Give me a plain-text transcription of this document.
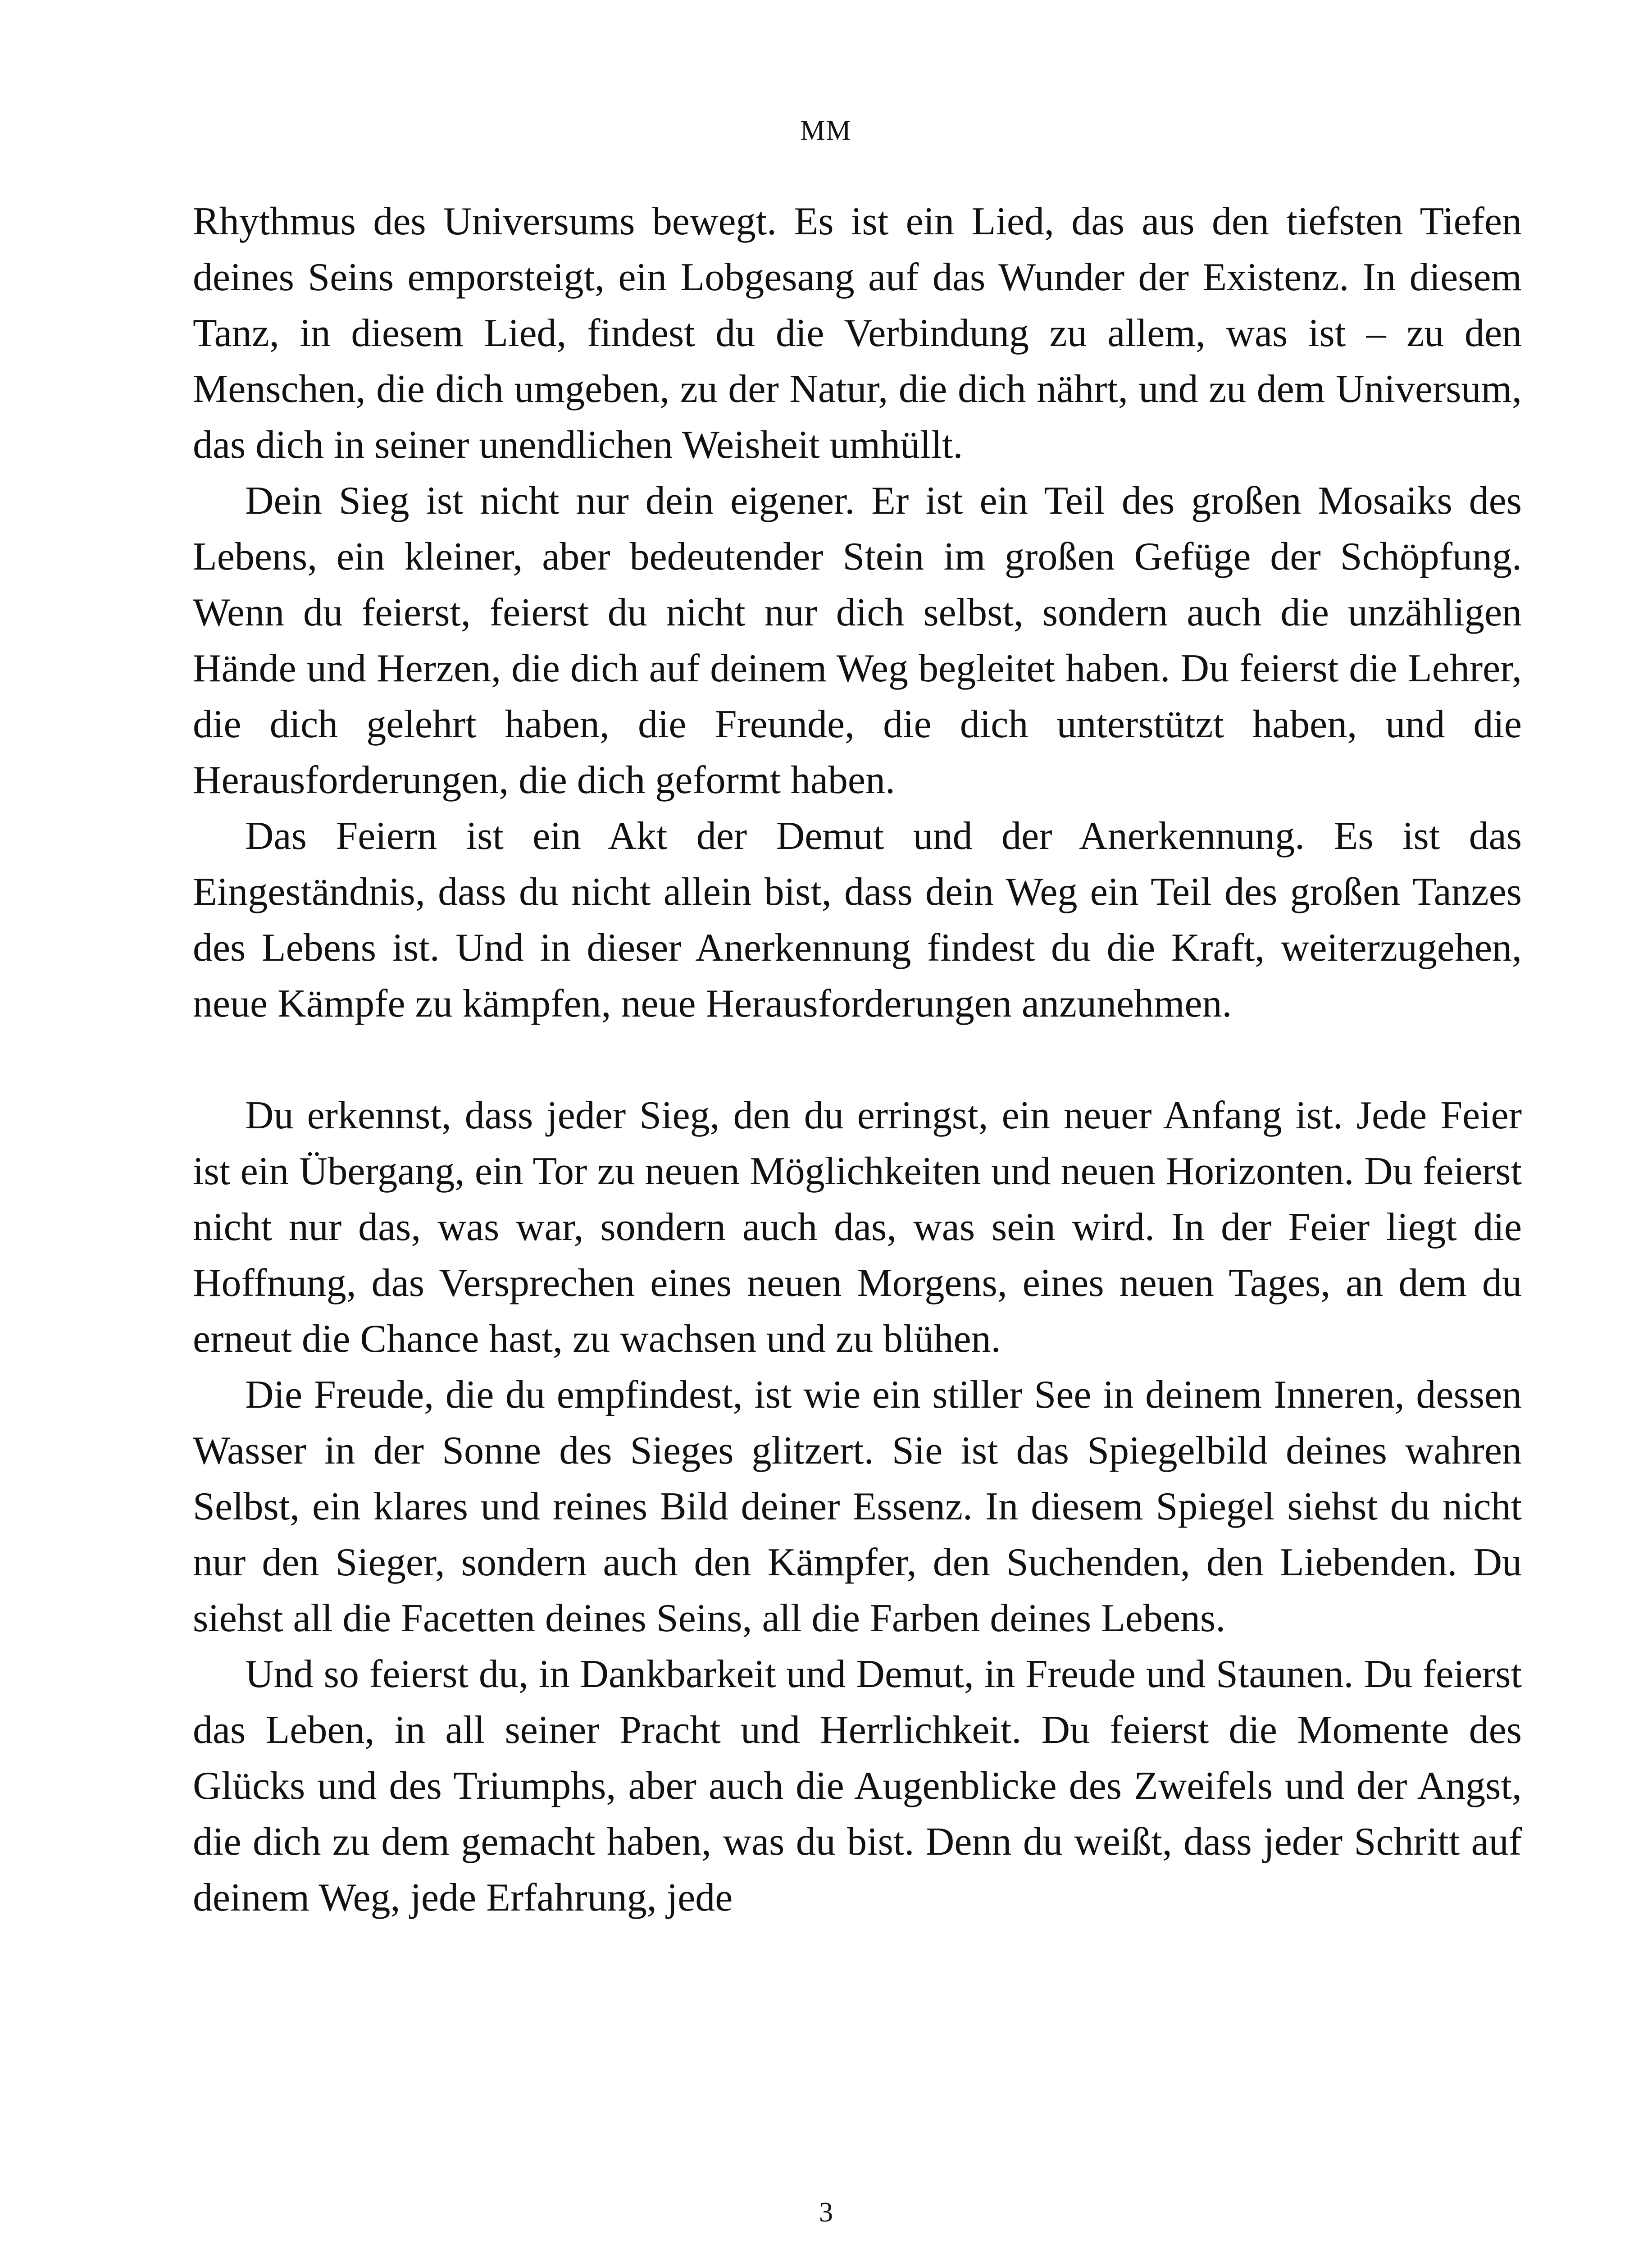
MM

Rhythmus des Universums bewegt. Es ist ein Lied, das aus den tiefsten Tiefen deines Seins emporsteigt, ein Lobgesang auf das Wunder der Existenz. In diesem Tanz, in diesem Lied, findest du die Verbindung zu allem, was ist – zu den Menschen, die dich umgeben, zu der Natur, die dich nährt, und zu dem Universum, das dich in seiner unendlichen Weisheit umhüllt.

Dein Sieg ist nicht nur dein eigener. Er ist ein Teil des großen Mosaiks des Lebens, ein kleiner, aber bedeutender Stein im großen Gefüge der Schöpfung. Wenn du feierst, feierst du nicht nur dich selbst, sondern auch die unzähligen Hände und Herzen, die dich auf deinem Weg begleitet haben. Du feierst die Lehrer, die dich gelehrt haben, die Freunde, die dich unterstützt haben, und die Herausforderungen, die dich geformt haben.

Das Feiern ist ein Akt der Demut und der Anerkennung. Es ist das Eingeständnis, dass du nicht allein bist, dass dein Weg ein Teil des großen Tanzes des Lebens ist. Und in dieser Anerkennung findest du die Kraft, weiterzugehen, neue Kämpfe zu kämpfen, neue Herausforderungen anzunehmen.

Du erkennst, dass jeder Sieg, den du erringst, ein neuer Anfang ist. Jede Feier ist ein Übergang, ein Tor zu neuen Möglichkeiten und neuen Horizonten. Du feierst nicht nur das, was war, sondern auch das, was sein wird. In der Feier liegt die Hoffnung, das Versprechen eines neuen Morgens, eines neuen Tages, an dem du erneut die Chance hast, zu wachsen und zu blühen.

Die Freude, die du empfindest, ist wie ein stiller See in deinem Inneren, dessen Wasser in der Sonne des Sieges glitzert. Sie ist das Spiegelbild deines wahren Selbst, ein klares und reines Bild deiner Essenz. In diesem Spiegel siehst du nicht nur den Sieger, sondern auch den Kämpfer, den Suchenden, den Liebenden. Du siehst all die Facetten deines Seins, all die Farben deines Lebens.

Und so feierst du, in Dankbarkeit und Demut, in Freude und Staunen. Du feierst das Leben, in all seiner Pracht und Herrlichkeit. Du feierst die Momente des Glücks und des Triumphs, aber auch die Augenblicke des Zweifels und der Angst, die dich zu dem gemacht haben, was du bist. Denn du weißt, dass jeder Schritt auf deinem Weg, jede Erfahrung, jede

3
